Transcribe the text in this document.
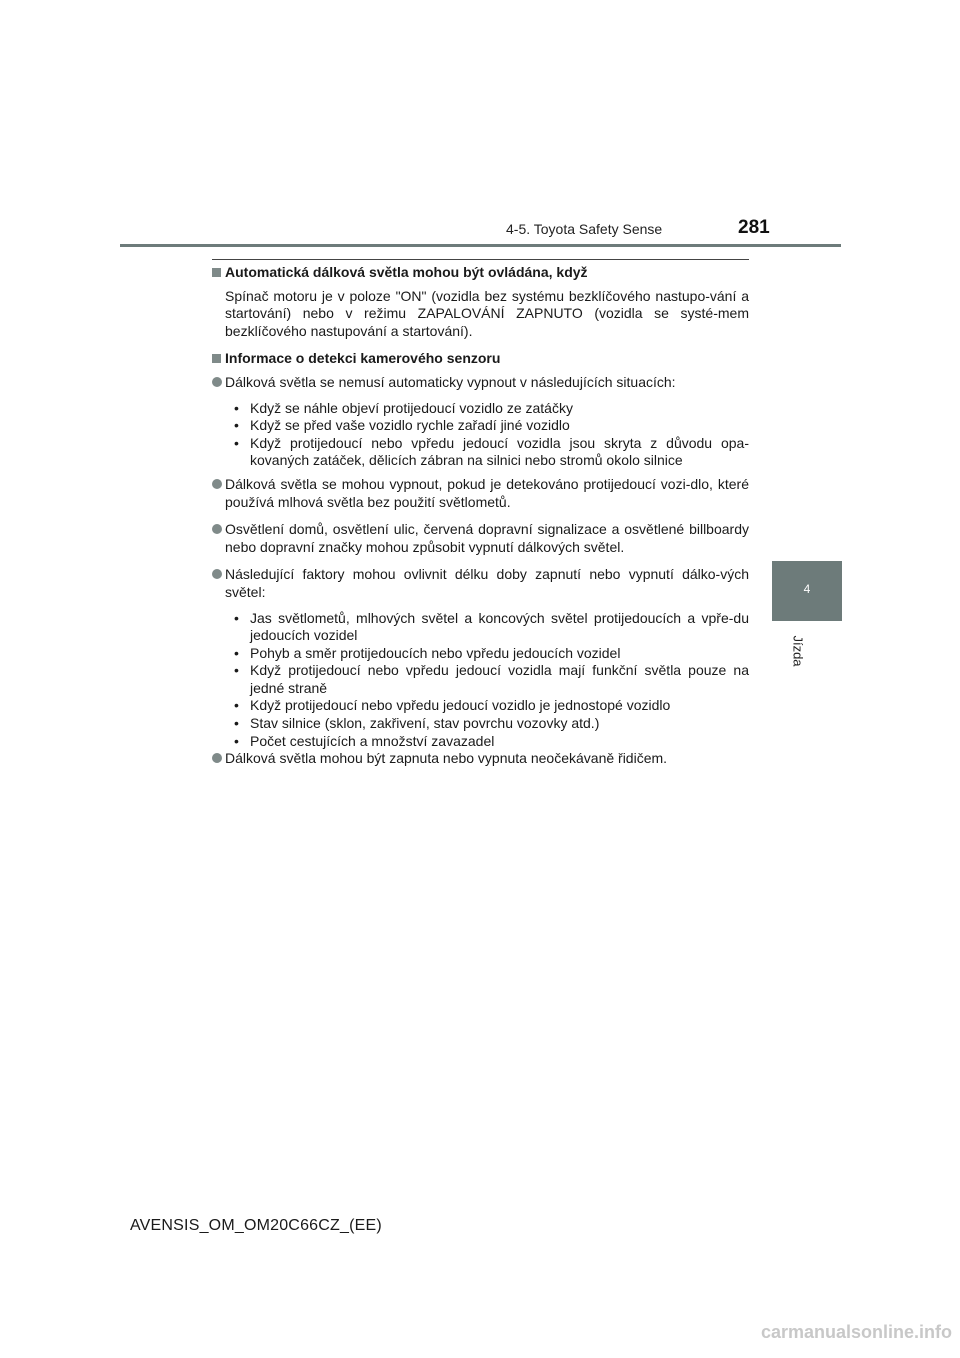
4-5. Toyota Safety Sense	281
4
Jízda
Automatická dálková světla mohou být ovládána, když
Spínač motoru je v poloze "ON" (vozidla bez systému bezklíčového nastupo-vání a startování) nebo v režimu ZAPALOVÁNÍ ZAPNUTO (vozidla se systé-mem bezklíčového nastupování a startování).
Informace o detekci kamerového senzoru
Dálková světla se nemusí automaticky vypnout v následujících situacích:
• Když se náhle objeví protijedoucí vozidlo ze zatáčky
• Když se před vaše vozidlo rychle zařadí jiné vozidlo
• Když protijedoucí nebo vpředu jedoucí vozidla jsou skryta z důvodu opa-kovaných zatáček, dělicích zábran na silnici nebo stromů okolo silnice
Dálková světla se mohou vypnout, pokud je detekováno protijedoucí vozi-dlo, které používá mlhová světla bez použití světlometů.
Osvětlení domů, osvětlení ulic, červená dopravní signalizace a osvětlené billboardy nebo dopravní značky mohou způsobit vypnutí dálkových světel.
Následující faktory mohou ovlivnit délku doby zapnutí nebo vypnutí dálko-vých světel:
• Jas světlometů, mlhových světel a koncových světel protijedoucích a vpře-du jedoucích vozidel
• Pohyb a směr protijedoucích nebo vpředu jedoucích vozidel
• Když protijedoucí nebo vpředu jedoucí vozidla mají funkční světla pouze na jedné straně
• Když protijedoucí nebo vpředu jedoucí vozidlo je jednostopé vozidlo
• Stav silnice (sklon, zakřivení, stav povrchu vozovky atd.)
• Počet cestujících a množství zavazadel
Dálková světla mohou být zapnuta nebo vypnuta neočekávaně řidičem.
AVENSIS_OM_OM20C66CZ_(EE)
carmanualsonline.info
